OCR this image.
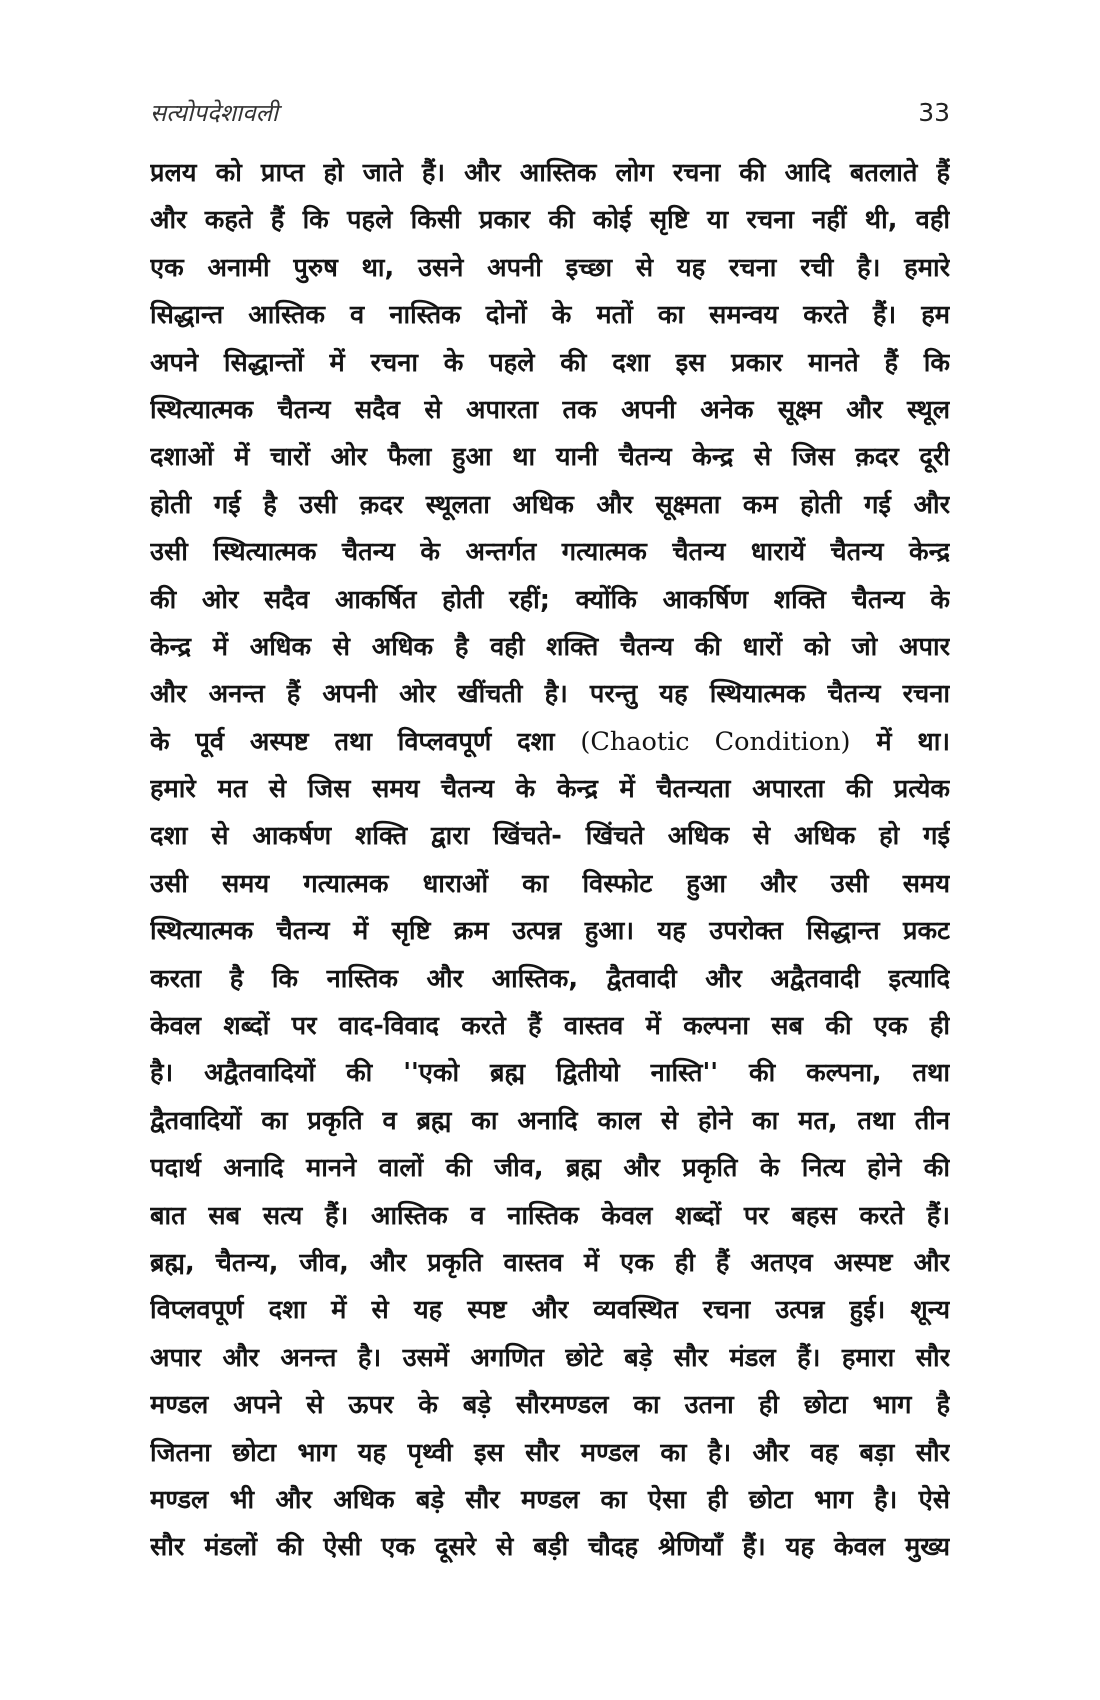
सत्योपदेशावली	33
प्रलय को प्राप्त हो जाते हैं। और आस्तिक लोग रचना की आदि बतलाते हैं
और कहते हैं कि पहले किसी प्रकार की कोई सृष्टि या रचना नहीं थी, वही
एक अनामी पुरुष था, उसने अपनी इच्छा से यह रचना रची है। हमारे
सिद्धान्त आस्तिक व नास्तिक दोनों के मतों का समन्वय करते हैं। हम
अपने सिद्धान्तों में रचना के पहले की दशा इस प्रकार मानते हैं कि
स्थित्यात्मक चैतन्य सदैव से अपारता तक अपनी अनेक सूक्ष्म और स्थूल
दशाओं में चारों ओर फैला हुआ था यानी चैतन्य केन्द्र से जिस क़दर दूरी
होती गई है उसी क़दर स्थूलता अधिक और सूक्ष्मता कम होती गई और
उसी स्थित्यात्मक चैतन्य के अन्तर्गत गत्यात्मक चैतन्य धारायें चैतन्य केन्द्र
की ओर सदैव आकर्षित होती रहीं; क्योंकि आकर्षिण शक्ति चैतन्य के
केन्द्र में अधिक से अधिक है वही शक्ति चैतन्य की धारों को जो अपार
और अनन्त हैं अपनी ओर खींचती है। परन्तु यह स्थियात्मक चैतन्य रचना
के पूर्व अस्पष्ट तथा विप्लवपूर्ण दशा (Chaotic Condition) में था।
हमारे मत से जिस समय चैतन्य के केन्द्र में चैतन्यता अपारता की प्रत्येक
दशा से आकर्षण शक्ति द्वारा खिंचते- खिंचते अधिक से अधिक हो गई
उसी समय गत्यात्मक धाराओं का विस्फोट हुआ और उसी समय
स्थित्यात्मक चैतन्य में सृष्टि क्रम उत्पन्न हुआ। यह उपरोक्त सिद्धान्त प्रकट
करता है कि नास्तिक और आस्तिक, द्वैतवादी और अद्वैतवादी इत्यादि
केवल शब्दों पर वाद-विवाद करते हैं वास्तव में कल्पना सब की एक ही
है। अद्वैतवादियों की ''एको ब्रह्म द्वितीयो नास्ति'' की कल्पना, तथा
द्वैतवादियों का प्रकृति व ब्रह्म का अनादि काल से होने का मत, तथा तीन
पदार्थ अनादि मानने वालों की जीव, ब्रह्म और प्रकृति के नित्य होने की
बात सब सत्य हैं। आस्तिक व नास्तिक केवल शब्दों पर बहस करते हैं।
ब्रह्म, चैतन्य, जीव, और प्रकृति वास्तव में एक ही हैं अतएव अस्पष्ट और
विप्लवपूर्ण दशा में से यह स्पष्ट और व्यवस्थित रचना उत्पन्न हुई। शून्य
अपार और अनन्त है। उसमें अगणित छोटे बड़े सौर मंडल हैं। हमारा सौर
मण्डल अपने से ऊपर के बड़े सौरमण्डल का उतना ही छोटा भाग है
जितना छोटा भाग यह पृथ्वी इस सौर मण्डल का है। और वह बड़ा सौर
मण्डल भी और अधिक बड़े सौर मण्डल का ऐसा ही छोटा भाग है। ऐसे
सौर मंडलों की ऐसी एक दूसरे से बड़ी चौदह श्रेणियाँ हैं। यह केवल मुख्य
